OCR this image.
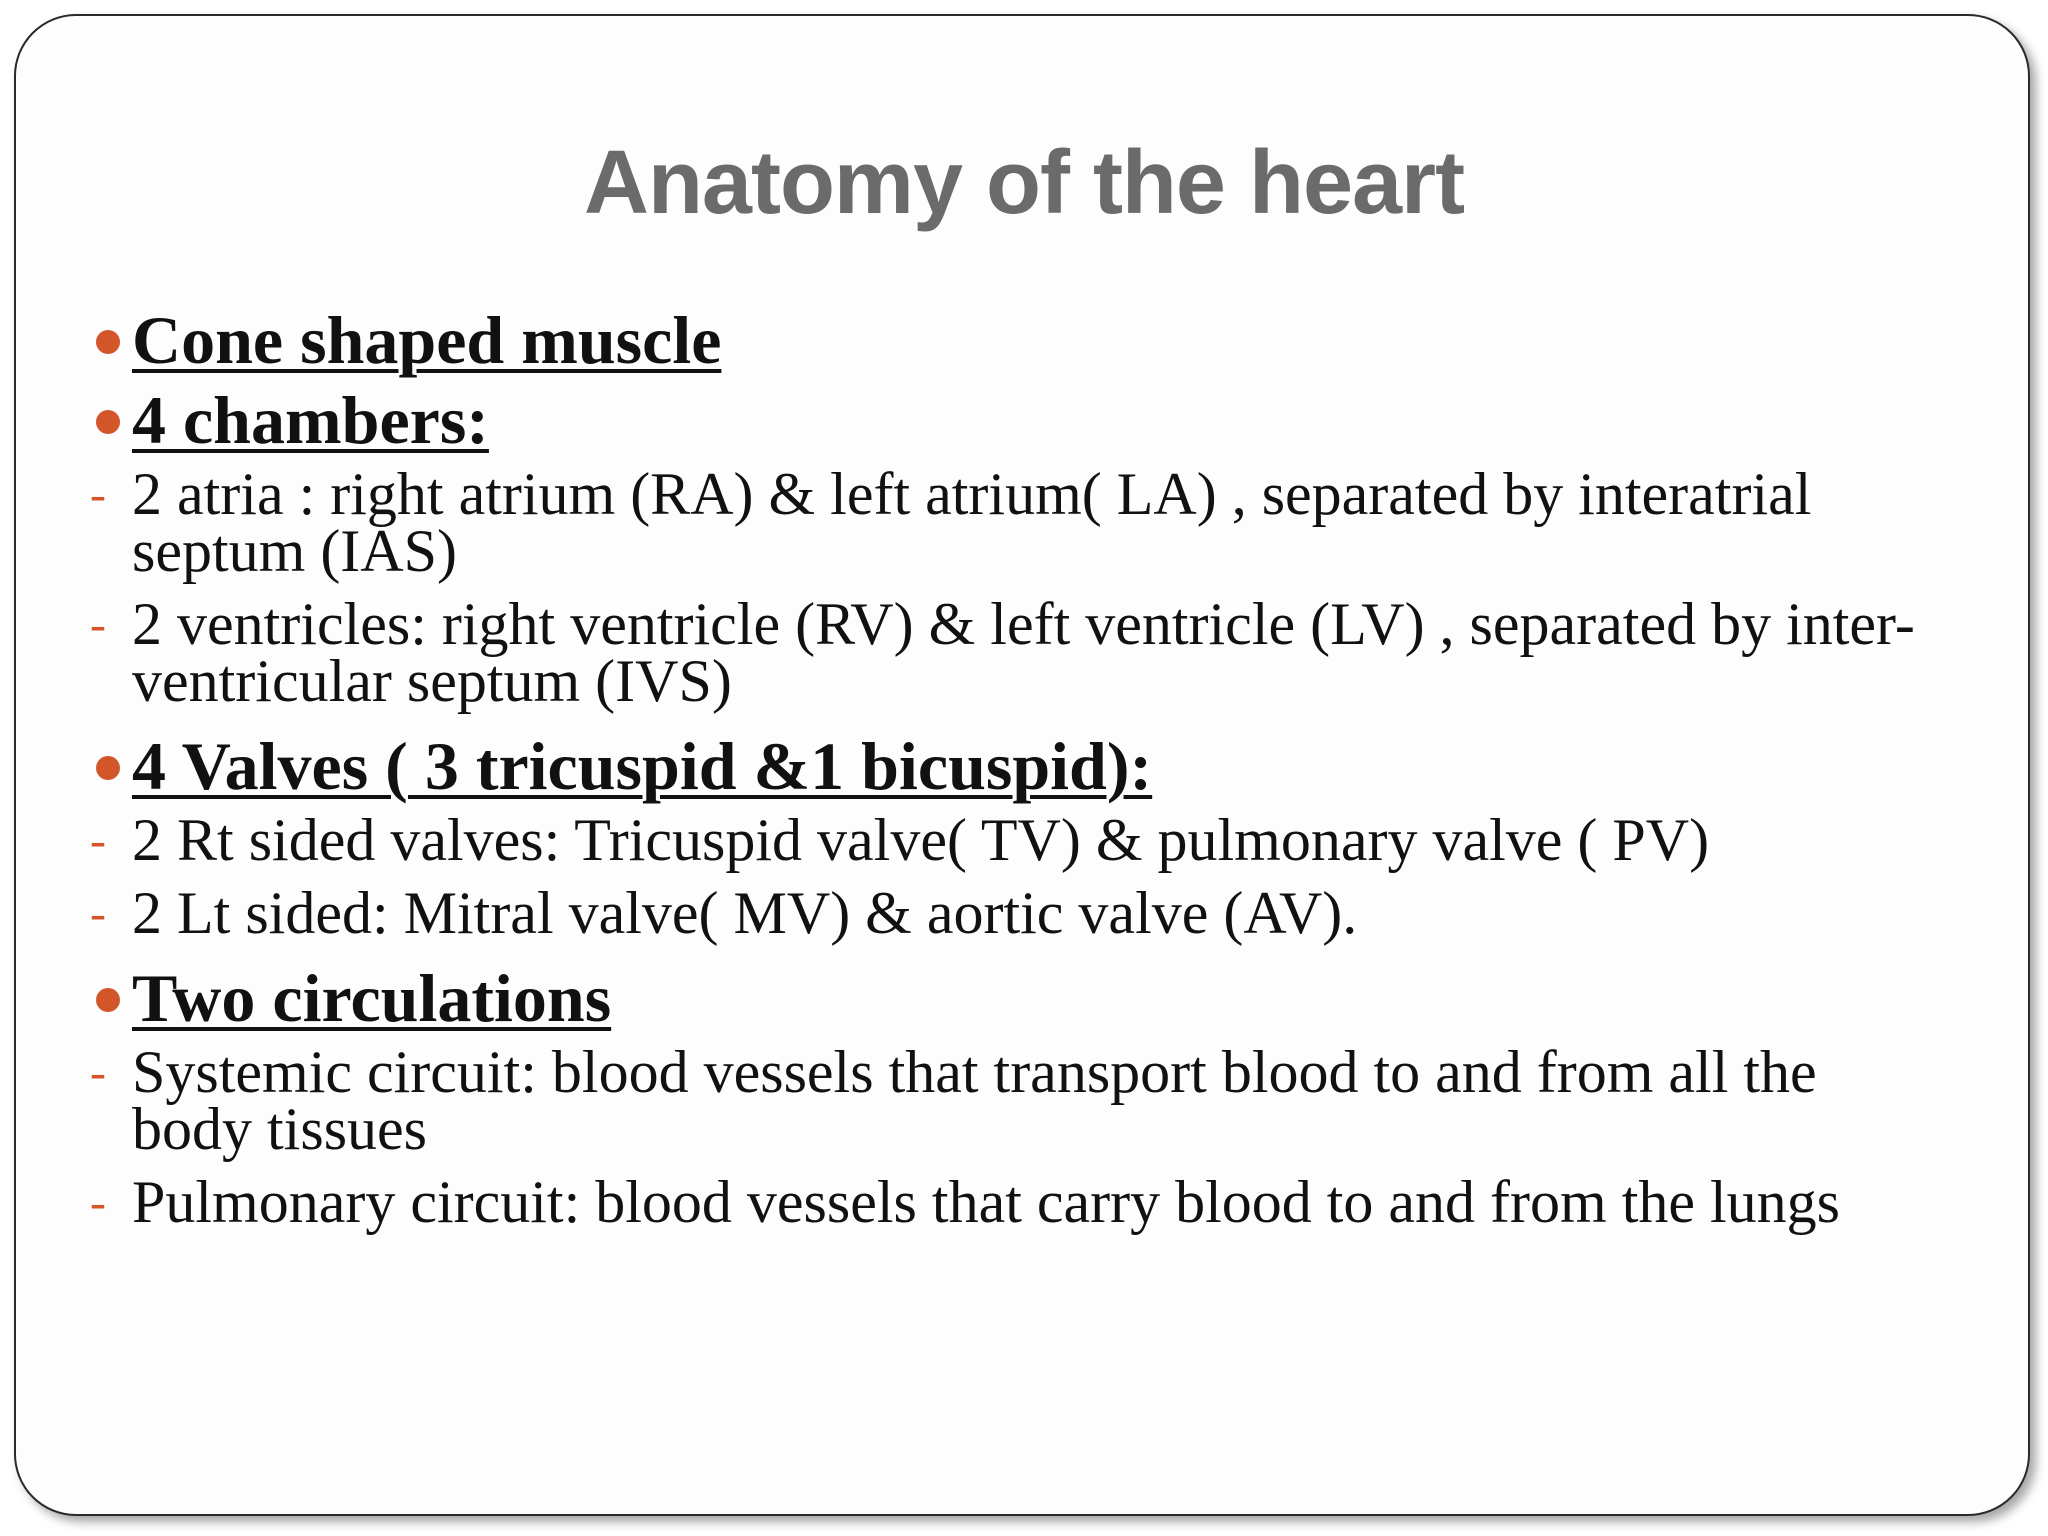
Anatomy of the heart
Cone shaped muscle
4 chambers:
- 2 atria : right atrium (RA) & left atrium( LA) , separated by interatrial septum (IAS)
- 2 ventricles: right ventricle (RV) & left ventricle (LV) , separated by inter-ventricular septum (IVS)
4 Valves ( 3 tricuspid &1 bicuspid):
- 2 Rt sided valves: Tricuspid valve( TV) & pulmonary valve ( PV)
- 2 Lt sided: Mitral valve( MV) & aortic valve (AV).
Two circulations
- Systemic circuit: blood vessels that transport blood to and from all the body tissues
- Pulmonary circuit: blood vessels that carry blood to and from the lungs
